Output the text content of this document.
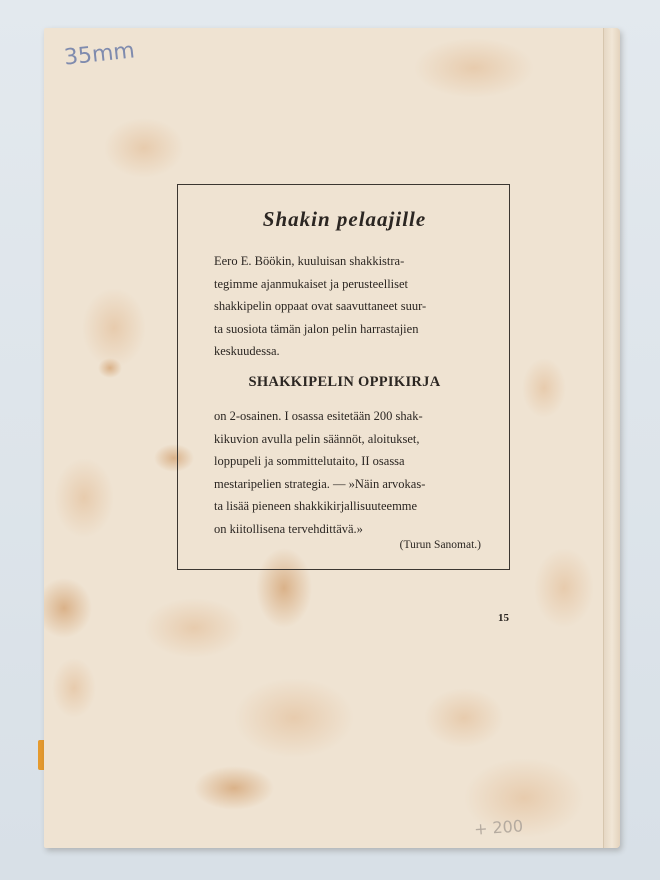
35mm
+ 200
Shakin pelaajille

Eero E. Böökin, kuuluisan shakkistra-
tegimme ajanmukaiset ja perusteelliset
shakkipelin oppaat ovat saavuttaneet suur-
ta suosiota tämän jalon pelin harrastajien
keskuudessa.

SHAKKIPELIN OPPIKIRJA

on 2-osainen. I osassa esitetään 200 shak-
kikuvion avulla pelin säännöt, aloitukset,
loppupeli ja sommittelutaito, II osassa
mestaripelien strategia. — »Näin arvokas-
ta lisää pieneen shakkikirjallisuuteemme
on kiitollisena tervehdittävä.»

(Turun Sanomat.)
15
